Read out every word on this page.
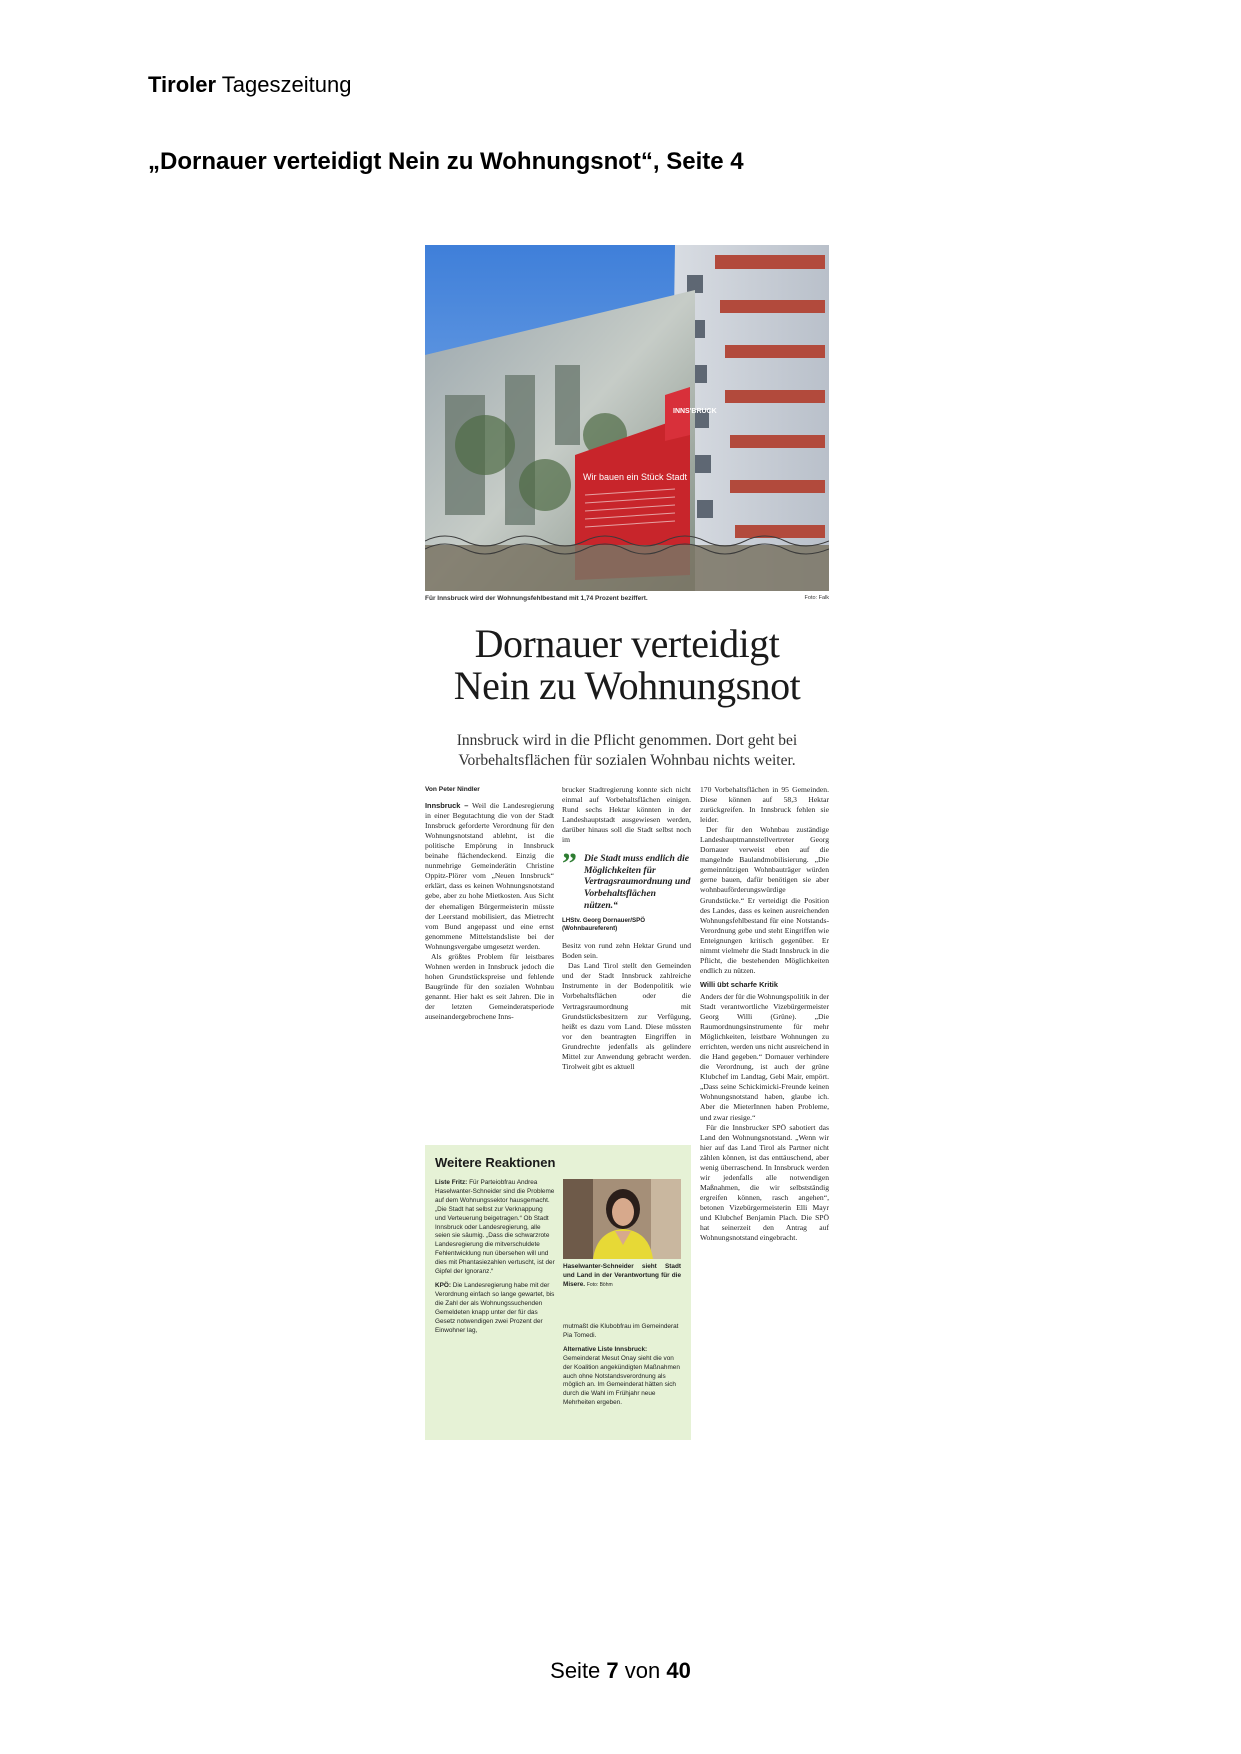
Tiroler Tageszeitung
„Dornauer verteidigt Nein zu Wohnungsnot“, Seite 4
INNS'BRUCK
Wir bauen ein Stück Stadt
Für Innsbruck wird der Wohnungsfehlbestand mit 1,74 Prozent beziffert.	Foto: Falk
Dornauer verteidigt
Nein zu Wohnungsnot
Innsbruck wird in die Pflicht genommen. Dort geht bei
Vorbehaltsflächen für sozialen Wohnbau nichts weiter.
Von Peter Nindler

Innsbruck – Weil die Landesregierung in einer Begutachtung die von der Stadt Innsbruck geforderte Verordnung für den Wohnungsnotstand ablehnt, ist die politische Empörung in Innsbruck beinahe flächendeckend. Einzig die nunmehrige Gemeinderätin Christine Oppitz-Plörer vom „Neuen Innsbruck“ erklärt, dass es keinen Wohnungsnotstand gebe, aber zu hohe Mietkosten. Aus Sicht der ehemaligen Bürgermeisterin müsste der Leerstand mobilisiert, das Mietrecht vom Bund angepasst und eine ernst genommene Mittelstandsliste bei der Wohnungsvergabe umgesetzt werden.

Als größtes Problem für leistbares Wohnen werden in Innsbruck jedoch die hohen Grundstückspreise und fehlende Baugründe für den sozialen Wohnbau genannt. Hier hakt es seit Jahren. Die in der letzten Gemeinderatsperiode auseinandergebrochene Inns-

brucker Stadtregierung konnte sich nicht einmal auf Vorbehaltsflächen einigen. Rund sechs Hektar könnten in der Landeshauptstadt ausgewiesen werden, darüber hinaus soll die Stadt selbst noch im

” Die Stadt muss endlich die Möglichkeiten für Vertragsraumordnung und Vorbehaltsflächen nützen.“
LHStv. Georg Dornauer/SPÖ
(Wohnbaureferent)

Besitz von rund zehn Hektar Grund und Boden sein.

Das Land Tirol stellt den Gemeinden und der Stadt Innsbruck zahlreiche Instrumente in der Bodenpolitik wie Vorbehaltsflächen oder die Vertragsraumordnung mit Grundstücksbesitzern zur Verfügung, heißt es dazu vom Land. Diese müssten vor den beantragten Eingriffen in Grundrechte jedenfalls als gelindere Mittel zur Anwendung gebracht werden. Tirolweit gibt es aktuell

170 Vorbehaltsflächen in 95 Gemeinden. Diese können auf 58,3 Hektar zurückgreifen. In Innsbruck fehlen sie leider.

Der für den Wohnbau zuständige Landeshauptmannstellvertreter Georg Dornauer verweist eben auf die mangelnde Baulandmobilisierung. „Die gemeinnützigen Wohnbauträger würden gerne bauen, dafür benötigen sie aber wohnbauförderungswürdige Grundstücke.“ Er verteidigt die Position des Landes, dass es keinen ausreichenden Wohnungsfehlbestand für eine Notstands-Verordnung gebe und steht Eingriffen wie Enteignungen kritisch gegenüber. Er nimmt vielmehr die Stadt Innsbruck in die Pflicht, die bestehenden Möglichkeiten endlich zu nützen.

Willi übt scharfe Kritik

Anders der für die Wohnungspolitik in der Stadt verantwortliche Vizebürgermeister Georg Willi (Grüne). „Die Raumordnungsinstrumente für mehr Möglichkeiten, leistbare Wohnungen zu errichten, werden uns nicht ausreichend in die Hand gegeben.“ Dornauer verhindere die Verordnung, ist auch der grüne Klubchef im Landtag, Gebi Mair, empört. „Dass seine Schickimicki-Freunde keinen Wohnungsnotstand haben, glaube ich. Aber die MieterInnen haben Probleme, und zwar riesige.“

Für die Innsbrucker SPÖ sabotiert das Land den Wohnungsnotstand. „Wenn wir hier auf das Land Tirol als Partner nicht zählen können, ist das enttäuschend, aber wenig überraschend. In Innsbruck werden wir jedenfalls alle notwendigen Maßnahmen, die wir selbstständig ergreifen können, rasch angehen“, betonen Vizebürgermeisterin Elli Mayr und Klubchef Benjamin Plach. Die SPÖ hat seinerzeit den Antrag auf Wohnungsnotstand eingebracht.

Weitere Reaktionen

Liste Fritz: Für Parteiobfrau Andrea Haselwanter-Schneider sind die Probleme auf dem Wohnungssektor hausgemacht. „Die Stadt hat selbst zur Verknappung und Verteuerung beigetragen.“ Ob Stadt Innsbruck oder Landesregierung, alle seien sie säumig. „Dass die schwarzrote Landesregierung die mitverschuldete Fehlentwicklung nun übersehen will und dies mit Phantasiezahlen vertuscht, ist der Gipfel der Ignoranz.“

KPÖ: Die Landesregierung habe mit der Verordnung einfach so lange gewartet, bis die Zahl der als Wohnungssuchenden Gemeldeten knapp unter der für das Gesetz notwendigen zwei Prozent der Einwohner lag,

Haselwanter-Schneider sieht Stadt und Land in der Verantwortung für die Misere. Foto: Böhm

mutmaßt die Klubobfrau im Gemeinderat Pia Tomedi.

Alternative Liste Innsbruck: Gemeinderat Mesut Onay sieht die von der Koalition angekündigten Maßnahmen auch ohne Notstandsverordnung als möglich an. Im Gemeinderat hätten sich durch die Wahl im Frühjahr neue Mehrheiten ergeben.

Seite 7 von 40
